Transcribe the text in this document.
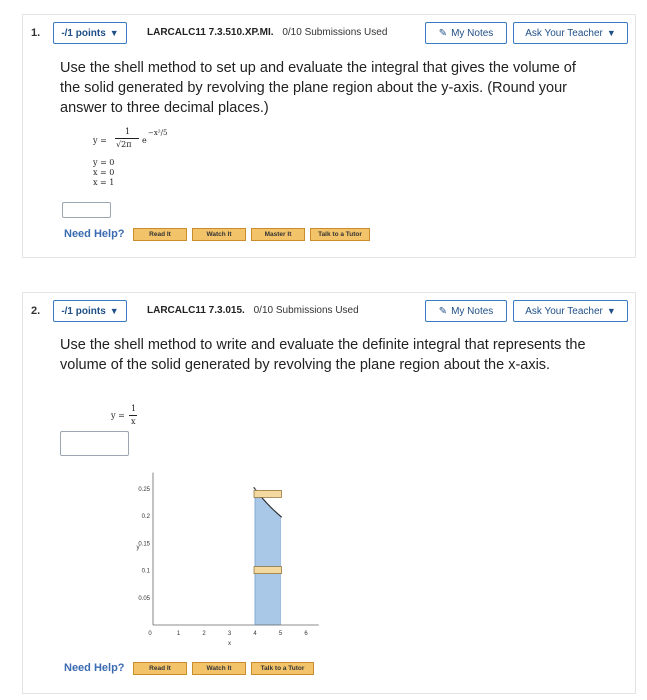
1. -/1 points ▼	LARCALC11 7.3.510.XP.MI. 0/10 Submissions Used	✎ My Notes	Ask Your Teacher ▼
Use the shell method to set up and evaluate the integral that gives the volume of the solid generated by revolving the plane region about the y-axis. (Round your answer to three decimal places.)
y =
1
√2π e
−x²/5
y = 0
x = 0
x = 1
Need Help?	Read It	Watch It	Master It	Talk to a Tutor
2. -/1 points ▼	LARCALC11 7.3.015. 0/10 Submissions Used	✎ My Notes	Ask Your Teacher ▼
Use the shell method to write and evaluate the definite integral that represents the volume of the solid generated by revolving the plane region about the x-axis.
y =
1
x
0.05
0.1
0.15
0.2
0.25
0	1	2	3	4	5	6
x
y
Need Help?	Read It	Watch It	Talk to a Tutor
